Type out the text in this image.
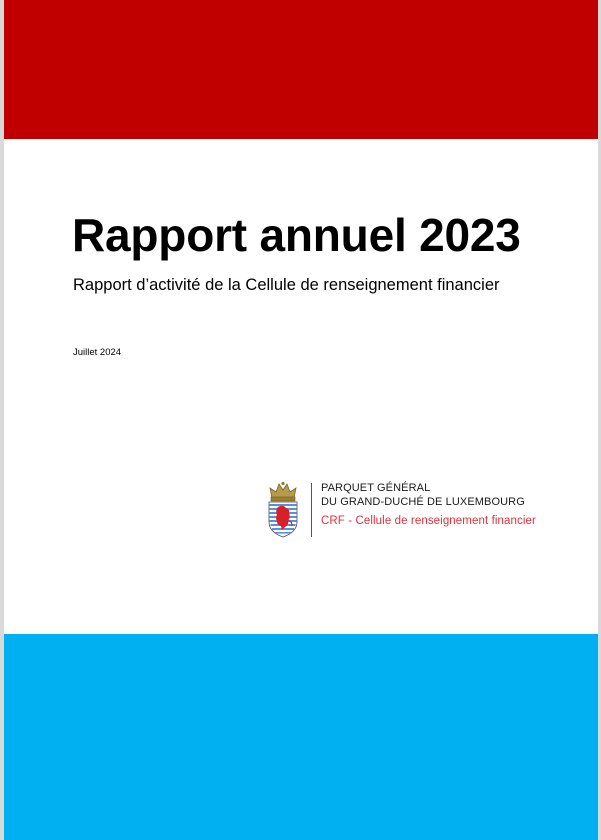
Rapport annuel 2023

Rapport d’activité de la Cellule de renseignement financier

Juillet 2024

PARQUET GÉNÉRAL

DU GRAND-DUCHÉ DE LUXEMBOURG

CRF - Cellule de renseignement financier
